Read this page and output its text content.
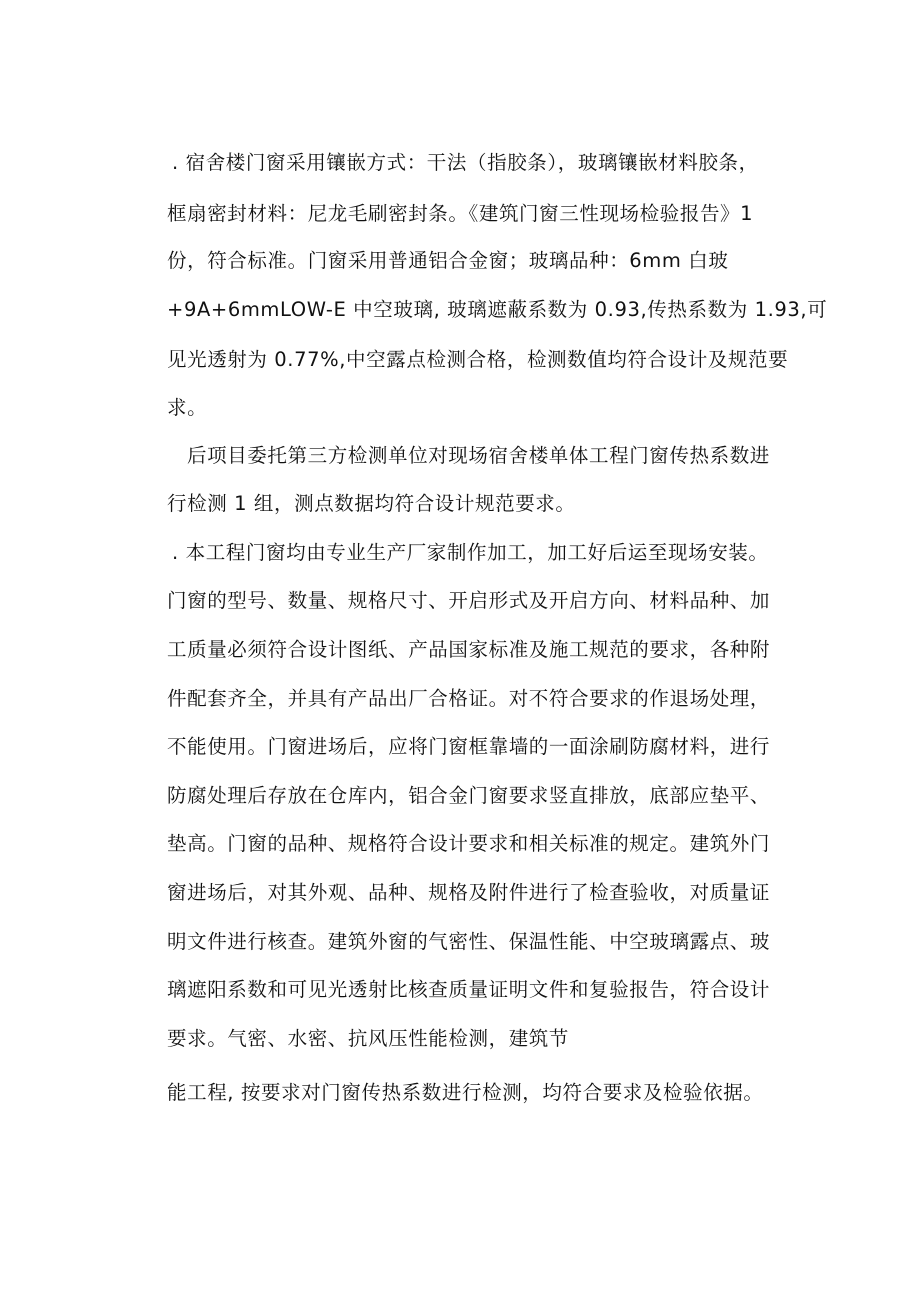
. 宿舍楼门窗采用镶嵌方式：干法（指胶条），玻璃镶嵌材料胶条，
框扇密封材料：尼龙毛刷密封条。《建筑门窗三性现场检验报告》1
份，符合标准。门窗采用普通铝合金窗；玻璃品种：6mm 白玻
+9A+6mmLOW-E 中空玻璃, 玻璃遮蔽系数为 0.93,传热系数为 1.93,可
见光透射为 0.77%,中空露点检测合格，检测数值均符合设计及规范要
求。
后项目委托第三方检测单位对现场宿舍楼单体工程门窗传热系数进
行检测 1 组，测点数据均符合设计规范要求。
. 本工程门窗均由专业生产厂家制作加工，加工好后运至现场安装。
门窗的型号、数量、规格尺寸、开启形式及开启方向、材料品种、加
工质量必须符合设计图纸、产品国家标准及施工规范的要求，各种附
件配套齐全，并具有产品出厂合格证。对不符合要求的作退场处理，
不能使用。门窗进场后，应将门窗框靠墙的一面涂刷防腐材料，进行
防腐处理后存放在仓库内，铝合金门窗要求竖直排放，底部应垫平、
垫高。门窗的品种、规格符合设计要求和相关标准的规定。建筑外门
窗进场后，对其外观、品种、规格及附件进行了检查验收，对质量证
明文件进行核查。建筑外窗的气密性、保温性能、中空玻璃露点、玻
璃遮阳系数和可见光透射比核查质量证明文件和复验报告，符合设计
要求。气密、水密、抗风压性能检测，建筑节
能工程, 按要求对门窗传热系数进行检测，均符合要求及检验依据。
